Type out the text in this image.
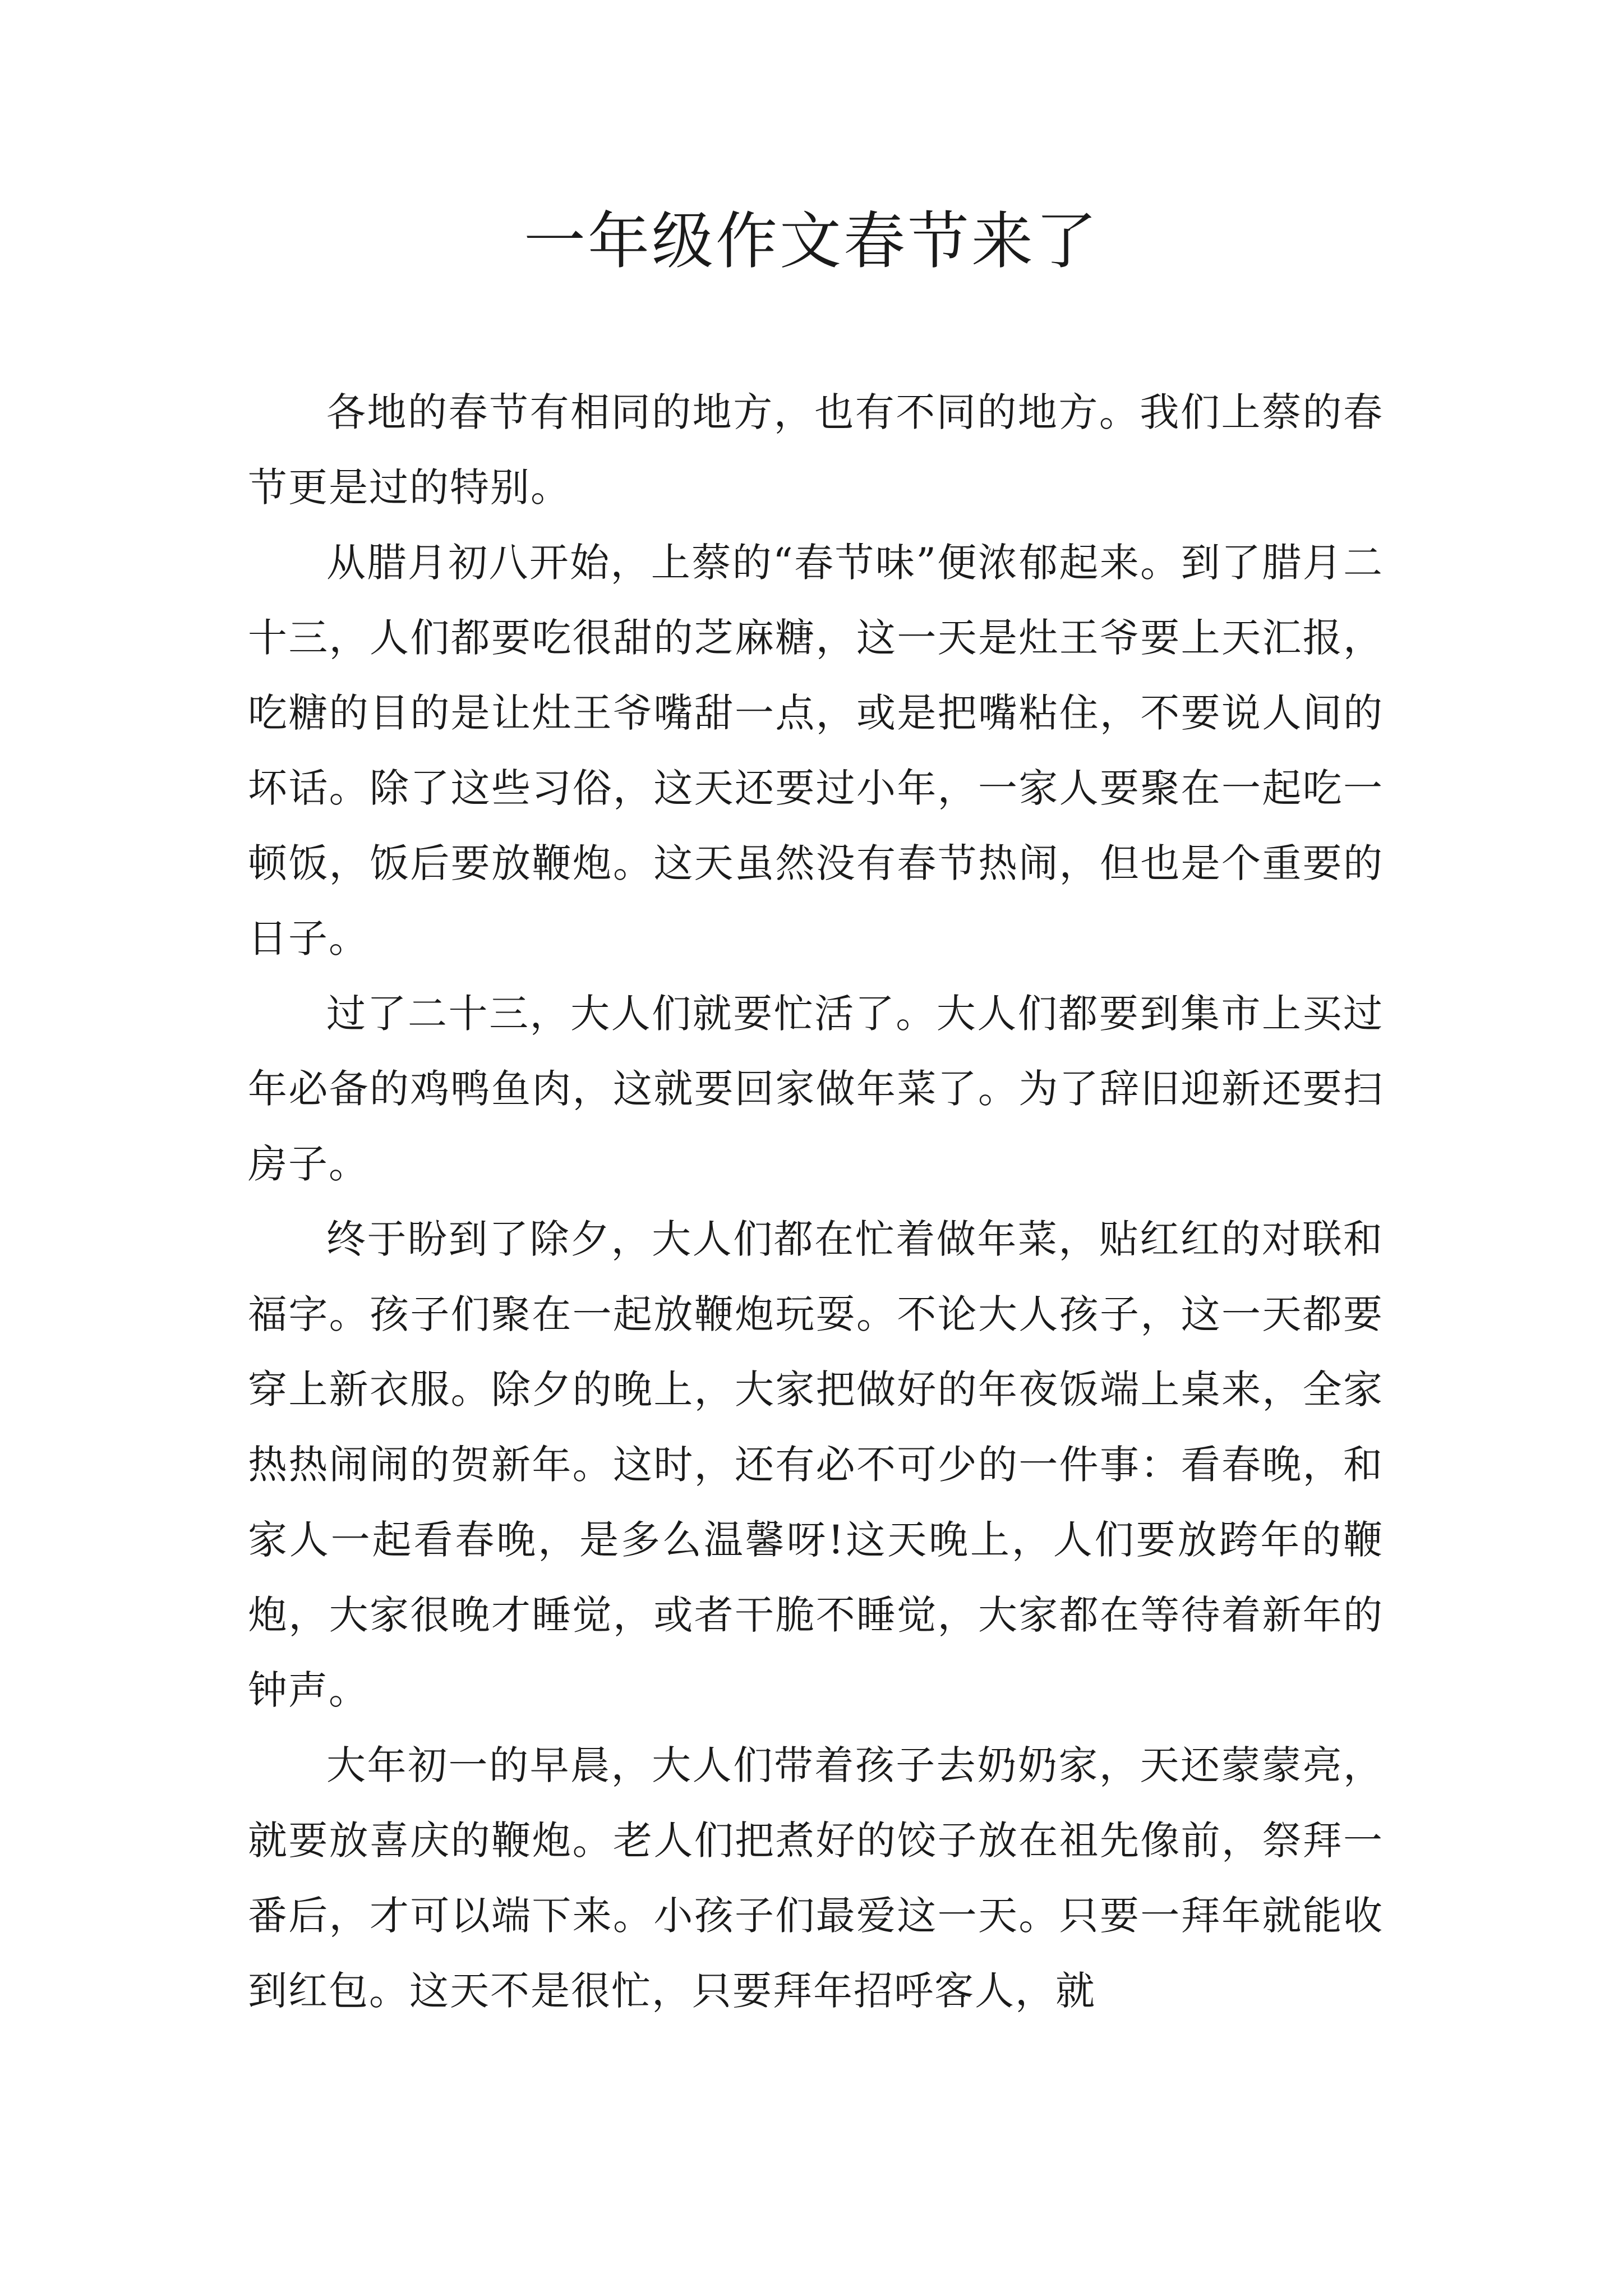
一年级作文春节来了

各地的春节有相同的地方，也有不同的地方。我们上蔡的春节更是过的特别。

从腊月初八开始，上蔡的“春节味”便浓郁起来。到了腊月二十三，人们都要吃很甜的芝麻糖，这一天是灶王爷要上天汇报，吃糖的目的是让灶王爷嘴甜一点，或是把嘴粘住，不要说人间的坏话。除了这些习俗，这天还要过小年，一家人要聚在一起吃一顿饭，饭后要放鞭炮。这天虽然没有春节热闹，但也是个重要的日子。

过了二十三，大人们就要忙活了。大人们都要到集市上买过年必备的鸡鸭鱼肉，这就要回家做年菜了。为了辞旧迎新还要扫房子。

终于盼到了除夕，大人们都在忙着做年菜，贴红红的对联和福字。孩子们聚在一起放鞭炮玩耍。不论大人孩子，这一天都要穿上新衣服。除夕的晚上，大家把做好的年夜饭端上桌来，全家热热闹闹的贺新年。这时，还有必不可少的一件事：看春晚，和家人一起看春晚，是多么温馨呀!这天晚上，人们要放跨年的鞭炮，大家很晚才睡觉，或者干脆不睡觉，大家都在等待着新年的钟声。

大年初一的早晨，大人们带着孩子去奶奶家，天还蒙蒙亮，就要放喜庆的鞭炮。老人们把煮好的饺子放在祖先像前，祭拜一番后，才可以端下来。小孩子们最爱这一天。只要一拜年就能收到红包。这天不是很忙，只要拜年招呼客人，就
